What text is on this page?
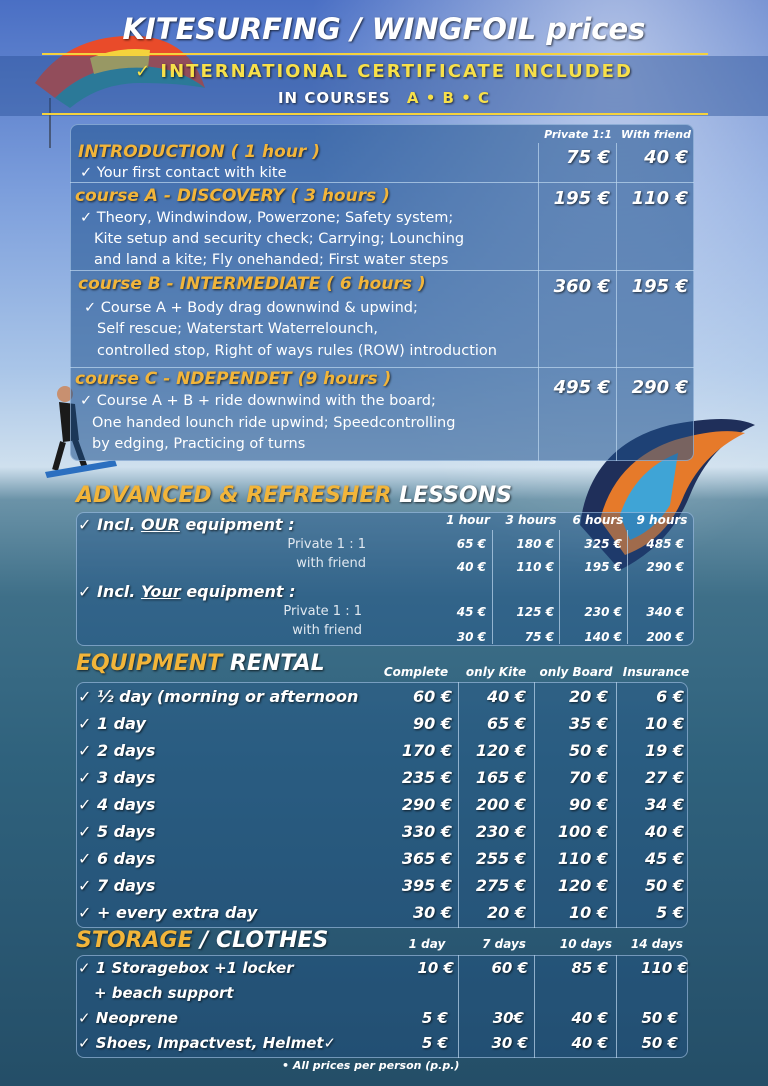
KITESURFING / WINGFOIL prices
✓ INTERNATIONAL CERTIFICATE INCLUDED
IN COURSES A • B • C
Private 1:1 With friend
INTRODUCTION ( 1 hour )
✓ Your first contact with kite
75 €	40 €
course A - DISCOVERY ( 3 hours )
✓ Theory, Windwindow, Powerzone; Safety system;
Kite setup and security check; Carrying; Lounching
and land a kite; Fly onehanded; First water steps
195 €	110 €
course B - INTERMEDIATE ( 6 hours )
✓ Course A + Body drag downwind & upwind;
Self rescue; Waterstart Waterrelounch,
controlled stop, Right of ways rules (ROW) introduction
360 €	195 €
course C - NDEPENDET (9 hours )
✓ Course A + B + ride downwind with the board;
One handed lounch ride upwind; Speedcontrolling
by edging, Practicing of turns
495 €	290 €
ADVANCED & REFRESHER LESSONS
1 hour	3 hours	6 hours	9 hours
✓ Incl. OUR equipment :
Private 1 : 1
with friend
65 €	180 €	325 €	485 €
40 €	110 €	195 €	290 €
✓ Incl. Your equipment :
Private 1 : 1
with friend
45 €	125 €	230 €	340 €
30 €	75 €	140 €	200 €
EQUIPMENT RENTAL	Complete	only Kite	only Board Insurance
✓ ½ day (morning or afternoon	60 €	40 €	20 €	6 €
✓ 1 day	90 €	65 €	35 €	10 €
✓ 2 days	170 €	120 €	50 €	19 €
✓ 3 days	235 €	165 €	70 €	27 €
✓ 4 days	290 €	200 €	90 €	34 €
✓ 5 days	330 €	230 €	100 €	40 €
✓ 6 days	365 €	255 €	110 €	45 €
✓ 7 days	395 €	275 €	120 €	50 €
✓ + every extra day	30 €	20 €	10 €	5 €
STORAGE / CLOTHES	1 day	7 days	10 days	14 days
✓ 1 Storagebox +1 locker
+ beach support
10 €	60 €	85 €	110 €
✓ Neoprene	5 €	30€	40 €	50 €
✓ Shoes, Impactvest, Helmet✓	5 €	30 €	40 €	50 €
• All prices per person (p.p.)
